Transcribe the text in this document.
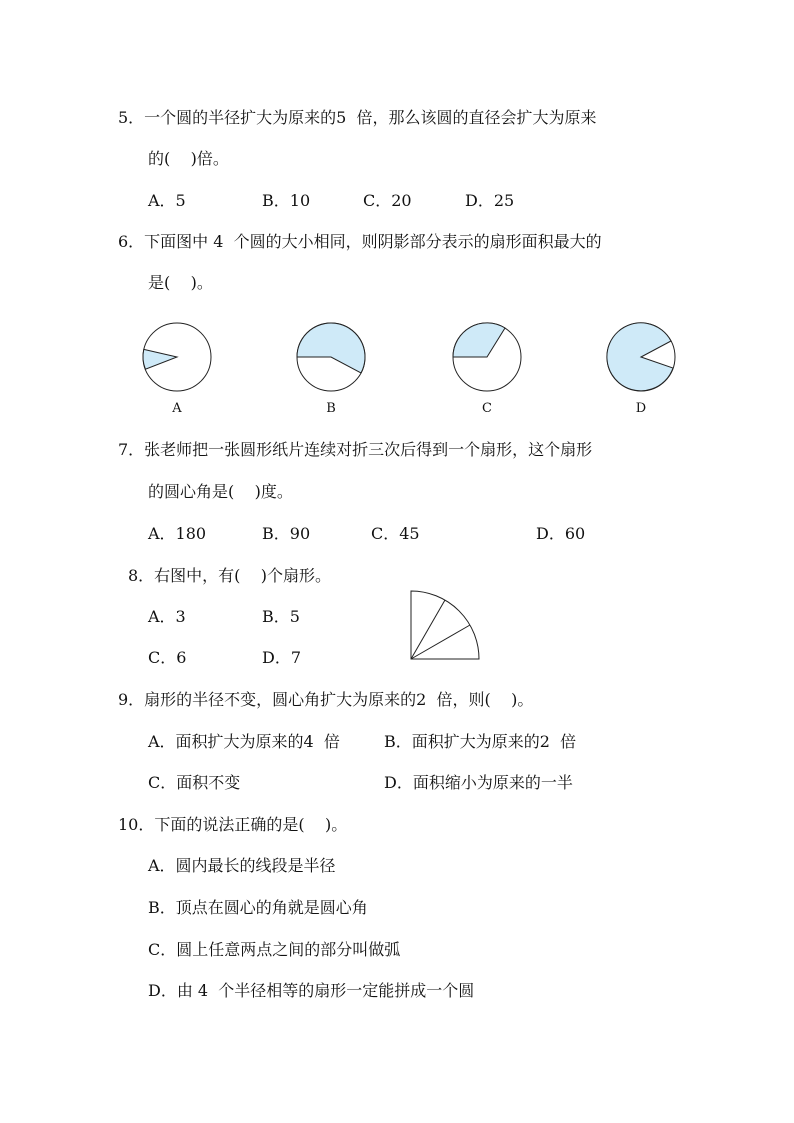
5．一个圆的半径扩大为原来的5  倍，那么该圆的直径会扩大为原来
的(    )倍。
A．5	B．10	C．20	D．25
6．下面图中 4  个圆的大小相同，则阴影部分表示的扇形面积最大的
是(    )。
A	B	C	D
7．张老师把一张圆形纸片连续对折三次后得到一个扇形，这个扇形
的圆心角是(    )度。
A．180	B．90	C．45	D．60
8．右图中，有(    )个扇形。
A．3	B．5
C．6	D．7
9．扇形的半径不变，圆心角扩大为原来的2  倍，则(    )。
A．面积扩大为原来的4  倍	B．面积扩大为原来的2  倍
C．面积不变	D．面积缩小为原来的一半
10．下面的说法正确的是(    )。
A．圆内最长的线段是半径
B．顶点在圆心的角就是圆心角
C．圆上任意两点之间的部分叫做弧
D．由 4  个半径相等的扇形一定能拼成一个圆
